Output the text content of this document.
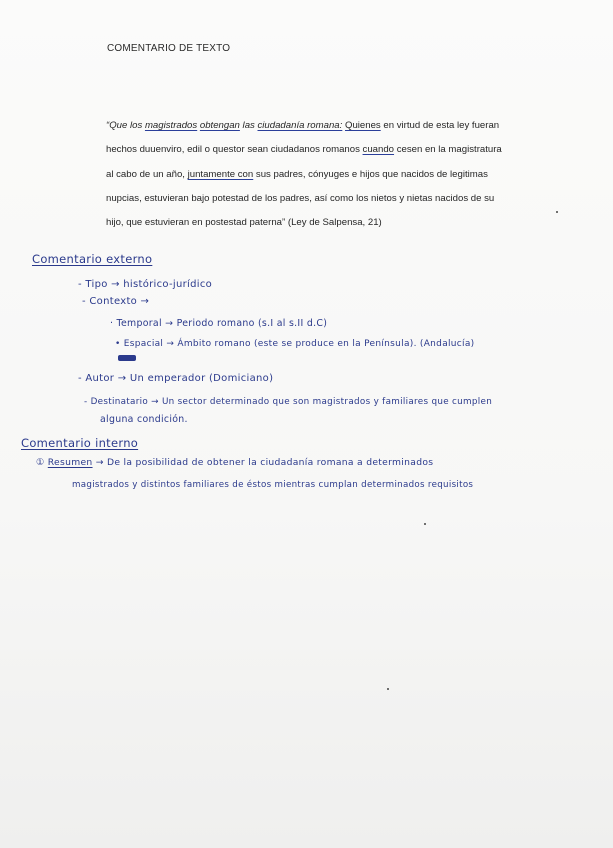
COMENTARIO DE TEXTO
“Que los magistrados obtengan las ciudadanía romana: Quienes en virtud de esta ley fueran
hechos duuenviro, edil o questor sean ciudadanos romanos cuando cesen en la magistratura
al cabo de un año, juntamente con sus padres, cónyuges e hijos que nacidos de legitimas
nupcias, estuvieran bajo potestad de los padres, así como los nietos y nietas nacidos de su
hijo, que estuvieran en postestad paterna” (Ley de Salpensa, 21)
Comentario externo
- Tipo → histórico-jurídico
- Contexto →
· Temporal → Periodo romano (s.I al s.II d.C)
• Espacial → Ámbito romano (este se produce en la Península). (Andalucía)
- Autor → Un emperador (Domiciano)
- Destinatario → Un sector determinado que son magistrados y familiares que cumplen
alguna condición.
Comentario interno
① Resumen → De la posibilidad de obtener la ciudadanía romana a determinados
magistrados y distintos familiares de éstos mientras cumplan determinados requisitos
